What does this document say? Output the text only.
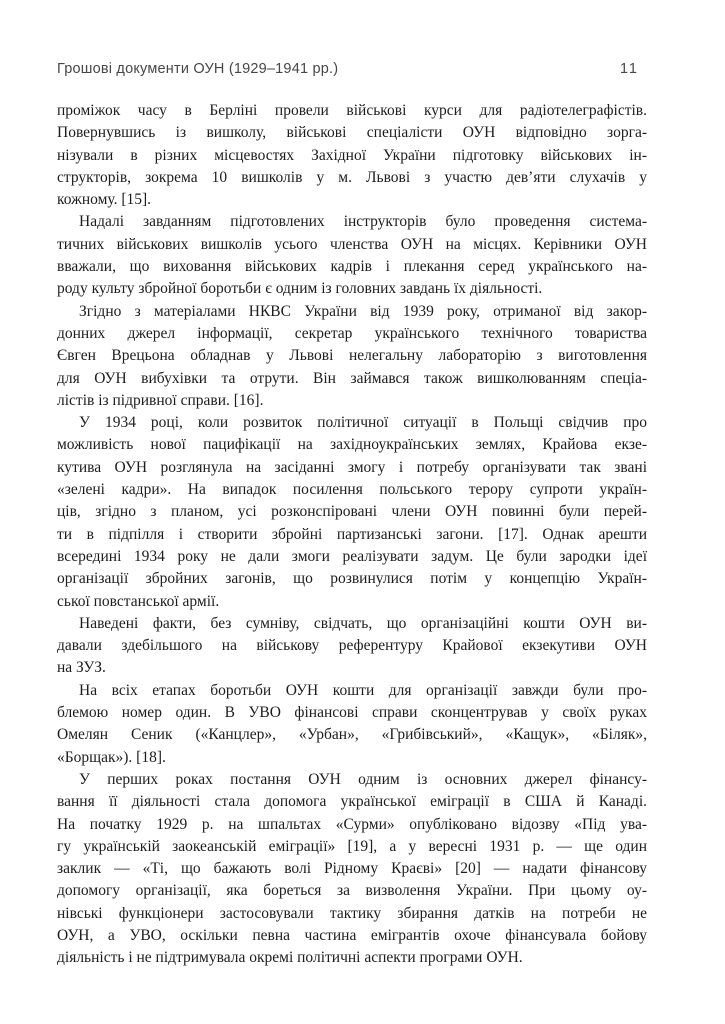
Грошові документи ОУН (1929–1941 рр.)	11
проміжок часу в Берліні провели військові курси для радіотелеграфістів.
Повернувшись із вишколу, військові спеціалісти ОУН відповідно зорга-
нізували в різних місцевостях Західної України підготовку військових ін-
структорів, зокрема 10 вишколів у м. Львові з участю дев’яти слухачів у
кожному. [15].
Надалі завданням підготовлених інструкторів було проведення система-
тичних військових вишколів усього членства ОУН на місцях. Керівники ОУН
вважали, що виховання військових кадрів і плекання серед українського на-
роду культу збройної боротьби є одним із головних завдань їх діяльності.
Згідно з матеріалами НКВС України від 1939 року, отриманої від закор-
донних джерел інформації, секретар українського технічного товариства
Євген Врецьона обладнав у Львові нелегальну лабораторію з виготовлення
для ОУН вибухівки та отрути. Він займався також вишколюванням спеціа-
лістів із підривної справи. [16].
У 1934 році, коли розвиток політичної ситуації в Польщі свідчив про
можливість нової пацифікації на західноукраїнських землях, Крайова екзе-
кутива ОУН розглянула на засіданні змогу і потребу організувати так звані
«зелені кадри». На випадок посилення польського терору супроти україн-
ців, згідно з планом, усі розконспіровані члени ОУН повинні були перей-
ти в підпілля і створити збройні партизанські загони. [17]. Однак арешти
всередині 1934 року не дали змоги реалізувати задум. Це були зародки ідеї
організації збройних загонів, що розвинулися потім у концепцію Україн-
ської повстанської армії.
Наведені факти, без сумніву, свідчать, що організаційні кошти ОУН ви-
давали здебільшого на військову референтуру Крайової екзекутиви ОУН
на ЗУЗ.
На всіх етапах боротьби ОУН кошти для організації завжди були про-
блемою номер один. В УВО фінансові справи сконцентрував у своїх руках
Омелян Сеник («Канцлер», «Урбан», «Грибівський», «Кащук», «Біляк»,
«Борщак»). [18].
У перших роках постання ОУН одним із основних джерел фінансу-
вання її діяльності стала допомога української еміграції в США й Канаді.
На початку 1929 р. на шпальтах «Сурми» опубліковано відозву «Під ува-
гу українській заокеанській еміграції» [19], а у вересні 1931 р. — ще один
заклик — «Ті, що бажають волі Рідному Краєві» [20] — надати фінансову
допомогу організації, яка бореться за визволення України. При цьому оу-
нівські функціонери застосовували тактику збирання датків на потреби не
ОУН, а УВО, оскільки певна частина емігрантів охоче фінансувала бойову
діяльність і не підтримувала окремі політичні аспекти програми ОУН.
